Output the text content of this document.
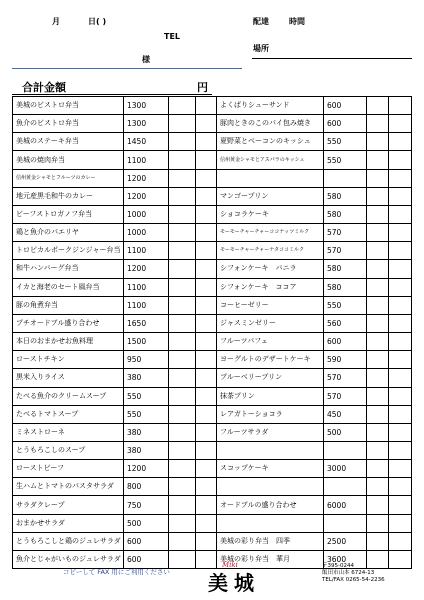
月	日( )	配達	時間
TEL
場所
様
合計金額	円
美城のビストロ弁当	1300			よくばりシューサンド	600		
魚介のビストロ弁当	1300			豚肉ときのこのパイ包み焼き	600		
美城のステーキ弁当	1450			夏野菜とベーコンのキッシュ	550		
美城の焼肉弁当	1100			信州黄金シャモとアスパラのキッシュ	550		
信州黄金シャモとフルーツのカレー	1200						
地元産黒毛和牛のカレー	1200			マンゴープリン	580		
ビーフストロガノフ弁当	1000			ショコラケーキ	580		
鶏と魚介のパエリヤ	1000			モーモーチャーチャーココナッツミルク	570		
トロピカルポークジンジャー弁当	1100			モーモーチャーチャーナタココミルク	570		
和牛ハンバーグ弁当	1200			シフォンケーキ　バニラ	580		
イカと海老のセート風弁当	1100			シフォンケーキ　ココア	580		
豚の角煮弁当	1100			コーヒーゼリー	550		
プチオードブル盛り合わせ	1650			ジャスミンゼリー	560		
本日のおまかせお魚料理	1500			フルーツパフェ	600		
ローストチキン	950			ヨーグルトのデザートケーキ	590		
黒米入りライス	380			ブルーベリープリン	570		
たべる魚介のクリームスープ	550			抹茶プリン	570		
たべるトマトスープ	550			レアガトーショコラ	450		
ミネストローネ	380			フルーツサラダ	500		
とうもろこしのスープ	380						
ローストビーフ	1200			スコップケーキ	3000		
生ハムとトマトのパスタサラダ	800						
サラダクレープ	750			オードブルの盛り合わせ	6000		
おまかせサラダ	500						
とうもろこしと鶏のジュレサラダ	600			美城の彩り弁当　四季	2500		
魚介とじゃがいものジュレサラダ	600			美城の彩り弁当　華月	3600		
コピーして FAX 用にご利用ください
Miki
美城
〒395-0244
飯田市山本 6724-13
TEL/FAX 0265-54-2236
